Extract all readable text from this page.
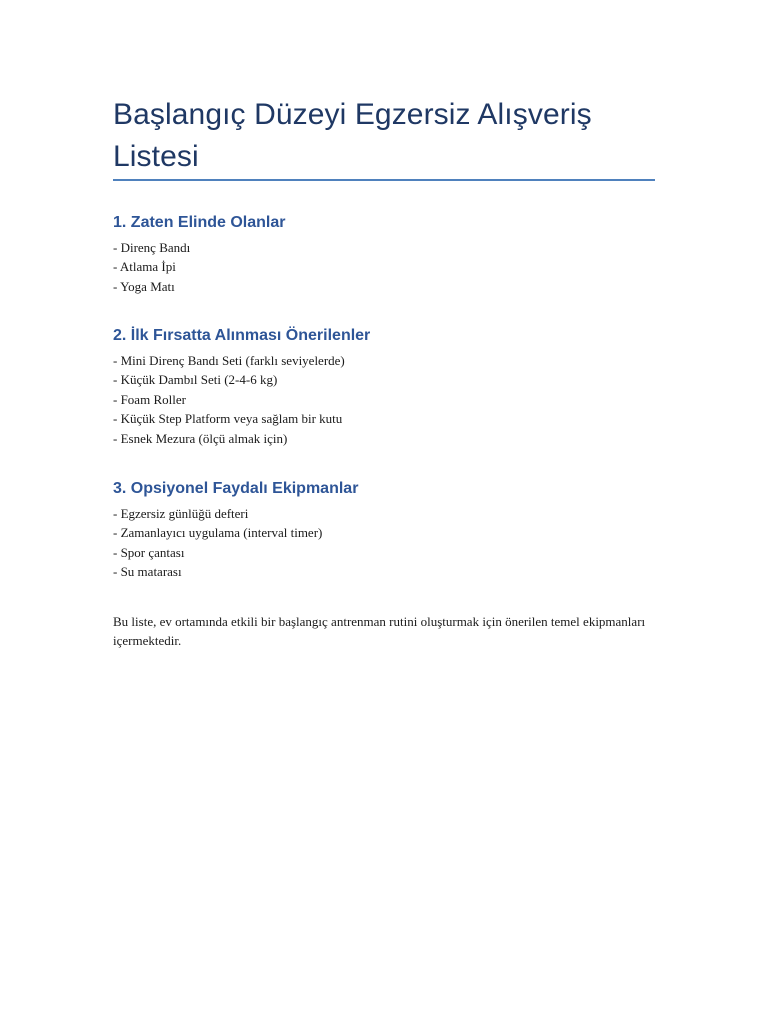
Başlangıç Düzeyi Egzersiz Alışveriş Listesi
1. Zaten Elinde Olanlar
- Direnç Bandı
- Atlama İpi
- Yoga Matı
2. İlk Fırsatta Alınması Önerilenler
- Mini Direnç Bandı Seti (farklı seviyelerde)
- Küçük Dambıl Seti (2-4-6 kg)
- Foam Roller
- Küçük Step Platform veya sağlam bir kutu
- Esnek Mezura (ölçü almak için)
3. Opsiyonel Faydalı Ekipmanlar
- Egzersiz günlüğü defteri
- Zamanlayıcı uygulama (interval timer)
- Spor çantası
- Su matarası

Bu liste, ev ortamında etkili bir başlangıç antrenman rutini oluşturmak için önerilen temel ekipmanları içermektedir.
